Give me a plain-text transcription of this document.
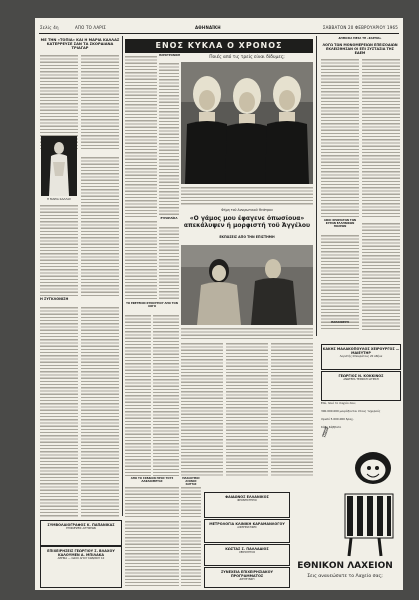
Σελίς 4η	ΑΠΟ ΤΟ ΛΑΡΙΣ	ΑΘΗΝΑΪΚΗ	ΣΑΒΒΑΤΟΝ 20 ΦΕΒΡΟΥΑΡΙΟΥ 1965
ΜΕ ΤΗΝ «ΤΟΠΙΑ» ΚΑΙ Η ΜΑΡΙΑ ΚΑΛΛΑΣ ΚΑΤΕΡΡΕΥΣΕ ΣΑΝ ΤΑ ΣΚΟΡΔΙΑΝΑ ΤΡΙΑΓΑΡ
Η ΜΑΡΙΑ ΚΑΛΛΑΣ
Η ΣΥΓΚΛΟΝΙΣΗ
ΕΝΟΣ ΚΥΚΛΑ Ο ΧΡΟΝΟΣ
ΗΛΕΚΤΡΟΝΙΚΗ	Ποιές από τις τρείς είναι δίδυμες;
ΕΥΡΩΠΑΪΚΑ
Φήμη τού Αννιρωτικού Θεάτρου
«Ο γάμος μου έφαγενε όπωσίουα» απεκάλυψεν ή μορφιστή τοϋ Άγγέλου
ΕΚΠΩΣΕΙΣ ΑΠΟ ΤΗΝ ΕΠΙΣΤΗΜΗ
ΤΟ ΕΦΕΤΕΙΟΝ ΚΥΝΟΥΡΙΟΥ ΑΠΟ ΤΟΝ ΛΟΓΟ
ΑΠΟ ΤΟ ΣΧΕΔΙΟΝ ΠΡΟΣ ΤΟΥΣ ΛΑΦΑΙΟΜΕΤΑΣ
ΜΑΣΑΟΥΜΟΣ ΑΣΟΝΟΣ ΣΑΙΤΤΑΣ
ΔΗΜΟΣΙΑ ΜΕΣΑ ΤΗ «ΚΑΡΠΙΑ»
ΛΟΓΩ ΤΩΝ ΜΟΝΟΜΕΡΕΙΩΝ ΕΠΕΙΣΟΔΙΩΝ ΕΚΛΕΙΣΘΗΣΑΝ ΟΙ ΕΠΙ ΣΥΣΤΑΣΙΑ ΤΗΣ ΕΔΕΜ
ΑΦΟΙ ΧΡΩΜΑΤΩΝ ΤΩΝ ΚΥΡΩΝ ΕΛΛΗΝΙΚΩΝ ΠΟΛΕΩΝ
ΠΑΡΑΣΚΕΥΗ
ΚΑΚΗΣ ΜΑΛΑΚΟΠΟΥΛΟΣ ΧΕΙΡΟΥΡΓΟΣ — ΜΑΙΕΥΤΗΡ
Λογιστής Ιπποκράτους 20 Αθήνα
ΓΕΩΡΓΙΟΣ Ν. ΚΟΚΚΙΝΟΣ
ΑΝΩΤΕΡΑ ΤΕΧΝΙΚΗ ΙΑΤΡΙΚΗ
Εσύ, ποιό το Λαχείο σου;
300.000.000 μοιράζονται στους τυχερούς
Χρυσό 5.000.000 δραχ.
Κάθε Σάββατο
ΕΘΝΙΚΟΝ ΛΑΧΕΙΟΝ
ΕΘΝΙΚΟΝ ΛΑΧΕΙΟΝ
Σεις ανανεώσατε το Λαχείο σας;
ΣΥΜΒΟΛΑΙΟΓΡΑΦΟΣ Κ. ΠΑΠΑΝΙΚΑΣ
ΕΠΙΣΚΕΨΕΙΣ ΑΙΤΗΣΕΩΝ
ΕΠΙΧΕΙΡΗΣΕΙΣ ΓΕΩΡΓΙΟΥ Σ. ΒΛΑΧΟΥ ΚΑΛΟΥΜΕΝ Α. ΜΠΙΛΑΚΑ
ΑΘΗΝΑ — ΟΔΟΣ ΑΓΙΟΥ ΚΩΝ/ΝΟΥ 10
ΦΑΙΔΩΝΟΣ ΕΛΛΑΝΙΚΟΣ
ΦΡΟΝΤΙΣΤΗΡΙΟ
ΜΕΤΡΟΛΟΓΙΑ ΚΛΙΝΙΚΗ ΚΑΡΑΜΑΝΛΟΓΟΥ
ΑΙΣΘΗΜΑΤΙΚΕΣ
ΚΩΣΤΑΣ Σ. ΠΑΛΛΑΔΙΟΣ
ΧΕΙΡΟΥΡΓΟΣ
ΣΥΝΕΧΕΙΑ ΕΠΙΧΕΙΡΗΣΙΑΚΟΥ ΠΡΟΓΡΑΜΜΑΤΟΣ
ΔΙΕΥΘΥΝΣΗ
